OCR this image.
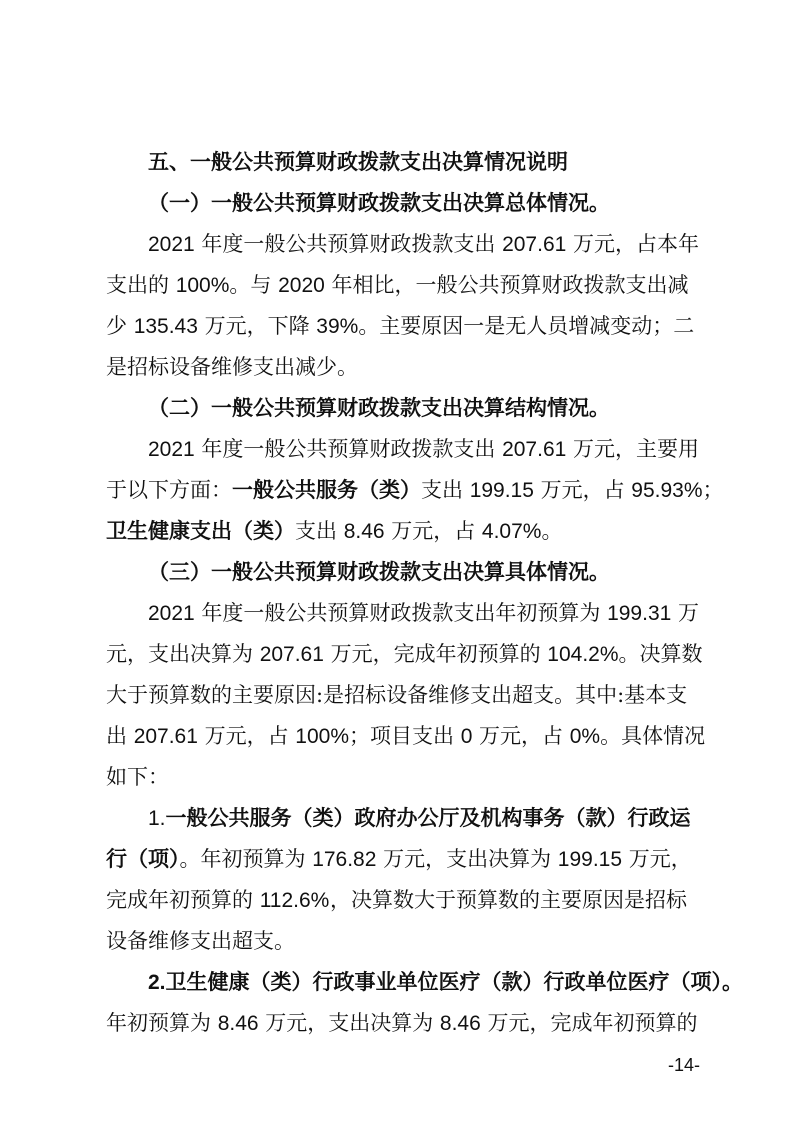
五、一般公共预算财政拨款支出决算情况说明
（一）一般公共预算财政拨款支出决算总体情况。
2021 年度一般公共预算财政拨款支出 207.61 万元，占本年
支出的 100%。与 2020 年相比，一般公共预算财政拨款支出减
少 135.43 万元，下降 39% 。主要原因一是无人员增减变动；二
是招标设备维修支出减少。
（二）一般公共预算财政拨款支出决算结构情况。
2021 年度一般公共预算财政拨款支出 207.61 万元，主要用
于以下方面：一般公共服务（类）支出 199.15 万元，占 95.93%；
卫生健康支出（类）支出 8.46 万元，占 4.07%。
（三）一般公共预算财政拨款支出决算具体情况。
2021 年度一般公共预算财政拨款支出年初预算为 199.31 万
元，支出决算为 207.61 万元，完成年初预算的 104.2% 。决算数
大于预算数的主要原因:是招标设备维修支出超支。其中:基本支
出 207.61 万元，占 100%；项目支出 0 万元，占 0% 。具体情况
如下：
1. 一般公共服务（类）政府办公厅及机构事务（款）行政运
行（项）。年初预算为 176.82 万元，支出决算为 199.15 万元，
完成年初预算的 112.6% ，决算数大于预算数的主要原因是招标
设备维修支出超支。
2. 卫生健康（类）行政事业单位医疗（款）行政单位医疗（项）。
年初预算为 8.46 万元，支出决算为 8.46 万元，完成年初预算的
-14-
